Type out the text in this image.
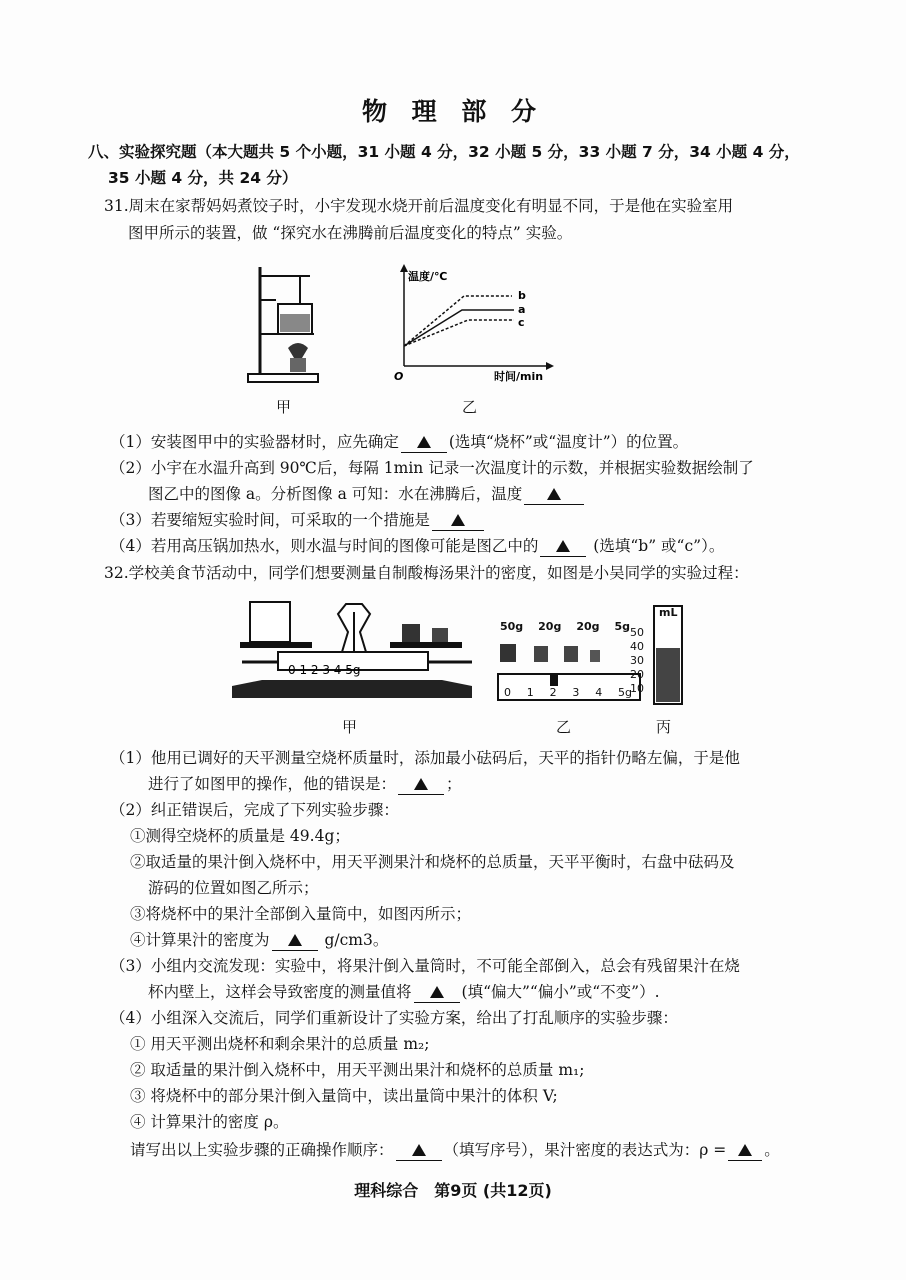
物 理 部 分
八、实验探究题（本大题共 5 个小题，31 小题 4 分，32 小题 5 分，33 小题 7 分，34 小题 4 分，
35 小题 4 分，共 24 分）
31.周末在家帮妈妈煮饺子时，小宇发现水烧开前后温度变化有明显不同，于是他在实验室用
图甲所示的装置，做 “探究水在沸腾前后温度变化的特点” 实验。
甲
温度/℃
时间/min
O
b
a
c
乙
（1）安装图甲中的实验器材时，应先确定	(选填“烧杯”或“温度计”）的位置。
（2）小宇在水温升高到 90℃后，每隔 1min 记录一次温度计的示数，并根据实验数据绘制了
图乙中的图像 a。分析图像 a 可知：水在沸腾后，温度
（3）若要缩短实验时间，可采取的一个措施是
（4）若用高压锅加热水，则水温与时间的图像可能是图乙中的	(选填“b” 或“c”）。
32.学校美食节活动中，同学们想要测量自制酸梅汤果汁的密度，如图是小吴同学的实验过程：
0 1 2 3 4 5g
甲
50g 20g 20g 5g
0 1 2 3 4 5g
乙
mL
50
40
30
20
10
丙
（1）他用已调好的天平测量空烧杯质量时，添加最小砝码后，天平的指针仍略左偏，于是他
进行了如图甲的操作，他的错误是：	；
（2）纠正错误后，完成了下列实验步骤：
①测得空烧杯的质量是 49.4g；
②取适量的果汁倒入烧杯中，用天平测果汁和烧杯的总质量，天平平衡时，右盘中砝码及
游码的位置如图乙所示；
③将烧杯中的果汁全部倒入量筒中，如图丙所示；
④计算果汁的密度为	g/cm3。
（3）小组内交流发现：实验中，将果汁倒入量筒时，不可能全部倒入，总会有残留果汁在烧
杯内壁上，这样会导致密度的测量值将	(填“偏大”“偏小”或“不变”）.
（4）小组深入交流后，同学们重新设计了实验方案，给出了打乱顺序的实验步骤：
① 用天平测出烧杯和剩余果汁的总质量 m₂;
② 取适量的果汁倒入烧杯中，用天平测出果汁和烧杯的总质量 m₁;
③ 将烧杯中的部分果汁倒入量筒中，读出量筒中果汁的体积 V;
④ 计算果汁的密度 ρ。
请写出以上实验步骤的正确操作顺序：	（填写序号），果汁密度的表达式为：ρ = 。
理科综合　第9页 (共12页)
